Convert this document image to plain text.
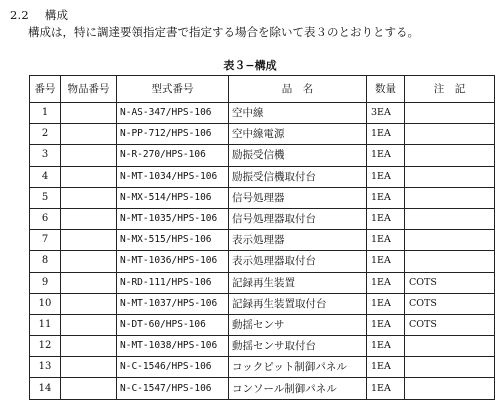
2.2 構成
構成は，特に調達要領指定書で指定する場合を除いて表３のとおりとする。
表３−構成
番号	物品番号	型式番号	品　名	数量	注　記
1		N-AS-347/HPS-106	空中線	3EA	
2		N-PP-712/HPS-106	空中線電源	1EA	
3		N-R-270/HPS-106	励振受信機	1EA	
4		N-MT-1034/HPS-106	励振受信機取付台	1EA	
5		N-MX-514/HPS-106	信号処理器	1EA	
6		N-MT-1035/HPS-106	信号処理器取付台	1EA	
7		N-MX-515/HPS-106	表示処理器	1EA	
8		N-MT-1036/HPS-106	表示処理器取付台	1EA	
9		N-RD-111/HPS-106	記録再生装置	1EA	COTS
10		N-MT-1037/HPS-106	記録再生装置取付台	1EA	COTS
11		N-DT-60/HPS-106	動揺センサ	1EA	COTS
12		N-MT-1038/HPS-106	動揺センサ取付台	1EA	
13		N-C-1546/HPS-106	コックピット制御パネル	1EA	
14		N-C-1547/HPS-106	コンソール制御パネル	1EA	
